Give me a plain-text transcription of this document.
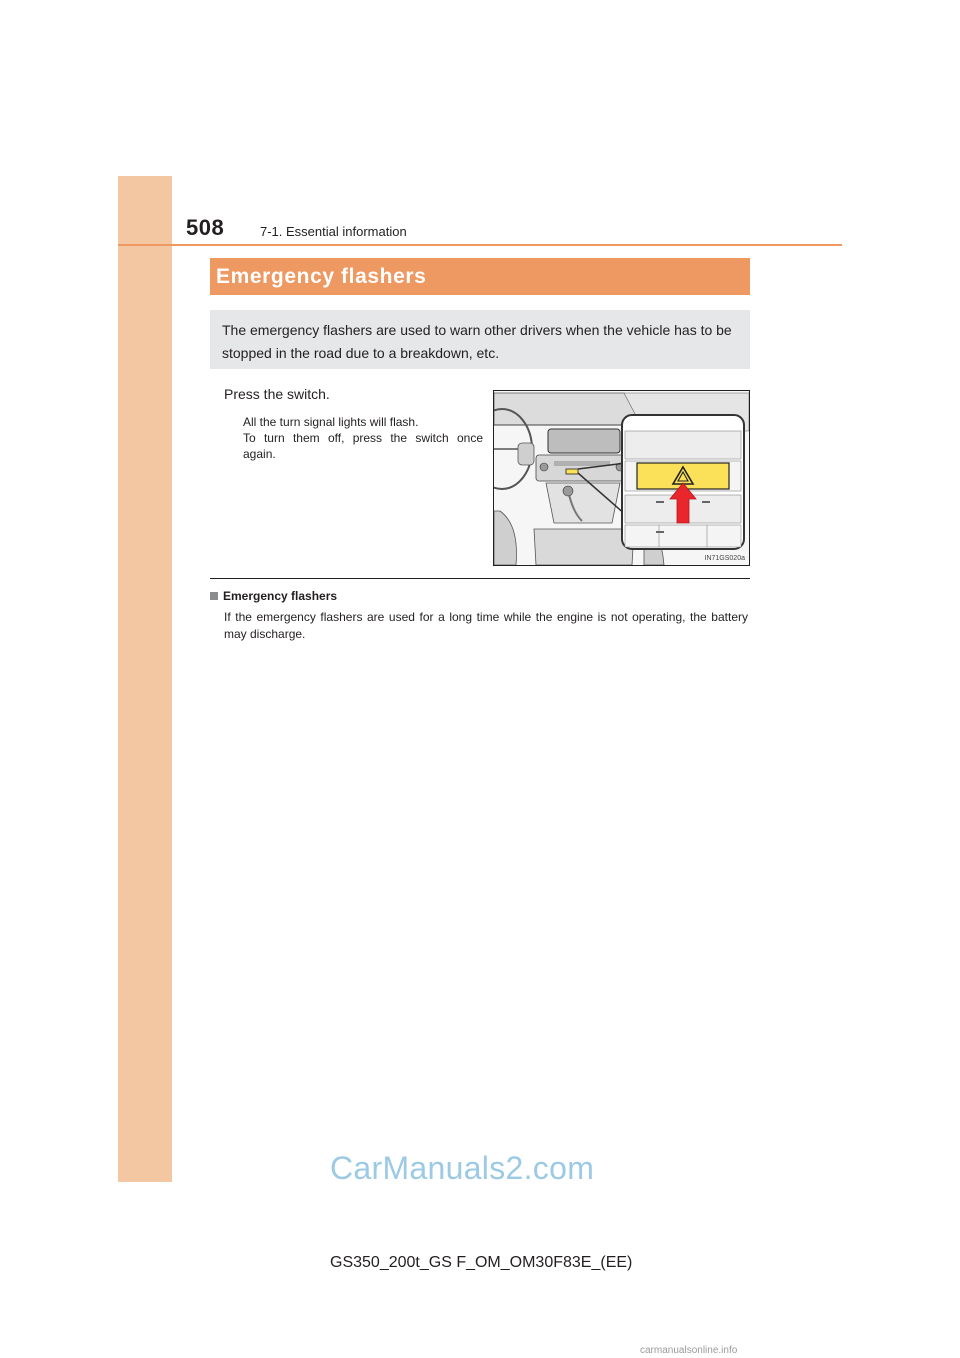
508	7-1. Essential information
Emergency flashers
The emergency flashers are used to warn other drivers when the vehicle has to be stopped in the road due to a breakdown, etc.
Press the switch.
All the turn signal lights will flash.
To turn them off, press the switch once again.
IN71GS020a
Emergency flashers
If the emergency flashers are used for a long time while the engine is not operating, the battery may discharge.
CarManuals2.com
GS350_200t_GS F_OM_OM30F83E_(EE)
carmanualsonline.info
